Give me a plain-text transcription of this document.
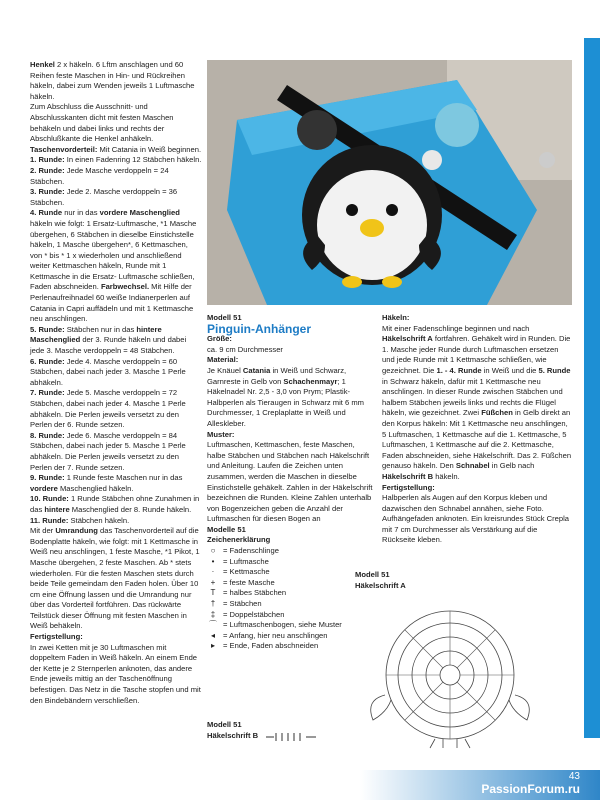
Henkel 2 x häkeln. 6 Lftm anschlagen und 60 Reihen feste Maschen in Hin- und Rückreihen häkeln, dabei zum Wenden jeweils 1 Luftmasche häkeln.

Zum Abschluss die Ausschnitt- und Abschlusskanten dicht mit festen Maschen behäkeln und dabei links und rechts der Abschlußkante die Henkel anhäkeln.

Taschenvorderteil: Mit Catania in Weiß beginnen.

1. Runde: In einen Fadenring 12 Stäbchen häkeln.

2. Runde: Jede Masche verdoppeln = 24 Stäbchen.

3. Runde: Jede 2. Masche verdoppeln = 36 Stäbchen.

4. Runde nur in das vordere Maschenglied häkeln wie folgt: 1 Ersatz-Luftmasche, *1 Masche übergehen, 6 Stäbchen in dieselbe Einstichstelle häkeln, 1 Masche übergehen*, 6 Kettmaschen, von * bis * 1 x wiederholen und anschließend weiter Kettmaschen häkeln, Runde mit 1 Kettmasche in die Ersatz- Luftmasche schließen, Faden abschneiden. Farbwechsel. Mit Hilfe der Perlenaufreihnadel 60 weiße Indianerperlen auf Catania in Capri auffädeln und mit 1 Kettmasche neu anschlingen.

5. Runde: Stäbchen nur in das hintere Maschenglied der 3. Runde häkeln und dabei jede 3. Masche verdoppeln = 48 Stäbchen.

6. Runde: Jede 4. Masche verdoppeln = 60 Stäbchen, dabei nach jeder 3. Masche 1 Perle abhäkeln.

7. Runde: Jede 5. Masche verdoppeln = 72 Stäbchen, dabei nach jeder 4. Masche 1 Perle abhäkeln. Die Perlen jeweils versetzt zu den Perlen der 6. Runde setzen.

8. Runde: Jede 6. Masche verdoppeln = 84 Stäbchen, dabei nach jeder 5. Masche 1 Perle abhäkeln. Die Perlen jeweils versetzt zu den Perlen der 7. Runde setzen.

9. Runde: 1 Runde feste Maschen nur in das vordere Maschenglied häkeln.

10. Runde: 1 Runde Stäbchen ohne Zunahmen in das hintere Maschenglied der 8. Runde häkeln.

11. Runde: Stäbchen häkeln.

Mit der Umrandung das Taschenvorderteil auf die Bodenplatte häkeln, wie folgt: mit 1 Kettmasche in Weiß neu anschlingen, 1 feste Masche, *1 Pikot, 1 Masche übergehen, 2 feste Maschen. Ab * stets wiederholen. Für die festen Maschen stets durch beide Teile gemeindam den Faden holen. Über 10 cm eine Öffnung lassen und die Umrandung nur über das Vorderteil fortführen. Das rückwärte Teilstück dieser Öffnung mit festen Maschen in Weiß behäkeln.

Fertigstellung:

In zwei Ketten mit je 30 Luftmaschen mit doppeltem Faden in Weiß häkeln. An einem Ende der Kette je 2 Sternperlen anknoten, das andere Ende jeweils mittig an der Taschenöffnung befestigen. Das Netz in die Tasche stopfen und mit den Bindebändern verschließen.

Modell 51

Pinguin-Anhänger

Größe:

ca. 9 cm Durchmesser

Material:

Je Knäuel Catania in Weiß und Schwarz, Garnreste in Gelb von Schachenmayr; 1 Häkelnadel Nr. 2,5 - 3,0 von Prym; Plastik-Halbperlen als Tieraugen in Schwarz mit 6 mm Durchmesser, 1 Creplaplatte in Weiß und Alleskleber.

Muster:

Luftmaschen, Kettmaschen, feste Maschen, halbe Stäbchen und Stäbchen nach Häkelschrift und Anleitung. Laufen die Zeichen unten zusammen, werden die Maschen in dieselbe Einstichstelle gehäkelt. Zahlen in der Häkelschrift bezeichnen die Runden. Kleine Zahlen unterhalb von Bogenzeichen geben die Anzahl der Luftmaschen für diesen Bogen an

Modelle 51

Zeichenerklärung

○ = Fadenschlinge
•	= Luftmasche
·	= Kettmasche
+	= feste Masche
T = halbes Stäbchen
†	= Stäbchen
‡	= Doppelstäbchen
⌒ = Luftmaschenbogen, siehe Muster
◂	= Anfang, hier neu anschlingen
▸	= Ende, Faden abschneiden

Modell 51

Häkelschrift B

Häkeln:

Mit einer Fadenschlinge beginnen und nach Häkelschrift A fortfahren. Gehäkelt wird in Runden. Die 1. Masche jeder Runde durch Luftmaschen ersetzen und jede Runde mit 1 Kettmasche schließen, wie gezeichnet. Die 1. - 4. Runde in Weiß und die 5. Runde in Schwarz häkeln, dafür mit 1 Kettmasche neu anschlingen. In dieser Runde zwischen Stäbchen und halbem Stäbchen jeweils links und rechts die Flügel häkeln, wie gezeichnet. Zwei Füßchen in Gelb direkt an den Korpus häkeln: Mit 1 Kettmasche neu anschlingen, 5 Luftmaschen, 1 Kettmasche auf die 1. Kettmasche, 5 Luftmaschen, 1 Kettmasche auf die 2. Kettmasche, Faden abschneiden, siehe Häkelschrift. Das 2. Füßchen genauso häkeln. Den Schnabel in Gelb nach Häkelschrift B häkeln.

Fertigstellung:

Halbperlen als Augen auf den Korpus kleben und dazwischen den Schnabel annähen, siehe Foto. Aufhängefaden anknoten. Ein kreisrundes Stück Crepla mit 7 cm Durchmesser als Verstärkung auf die Rückseite kleben.

Modell 51

Häkelschrift A

43
PassionForum.ru
